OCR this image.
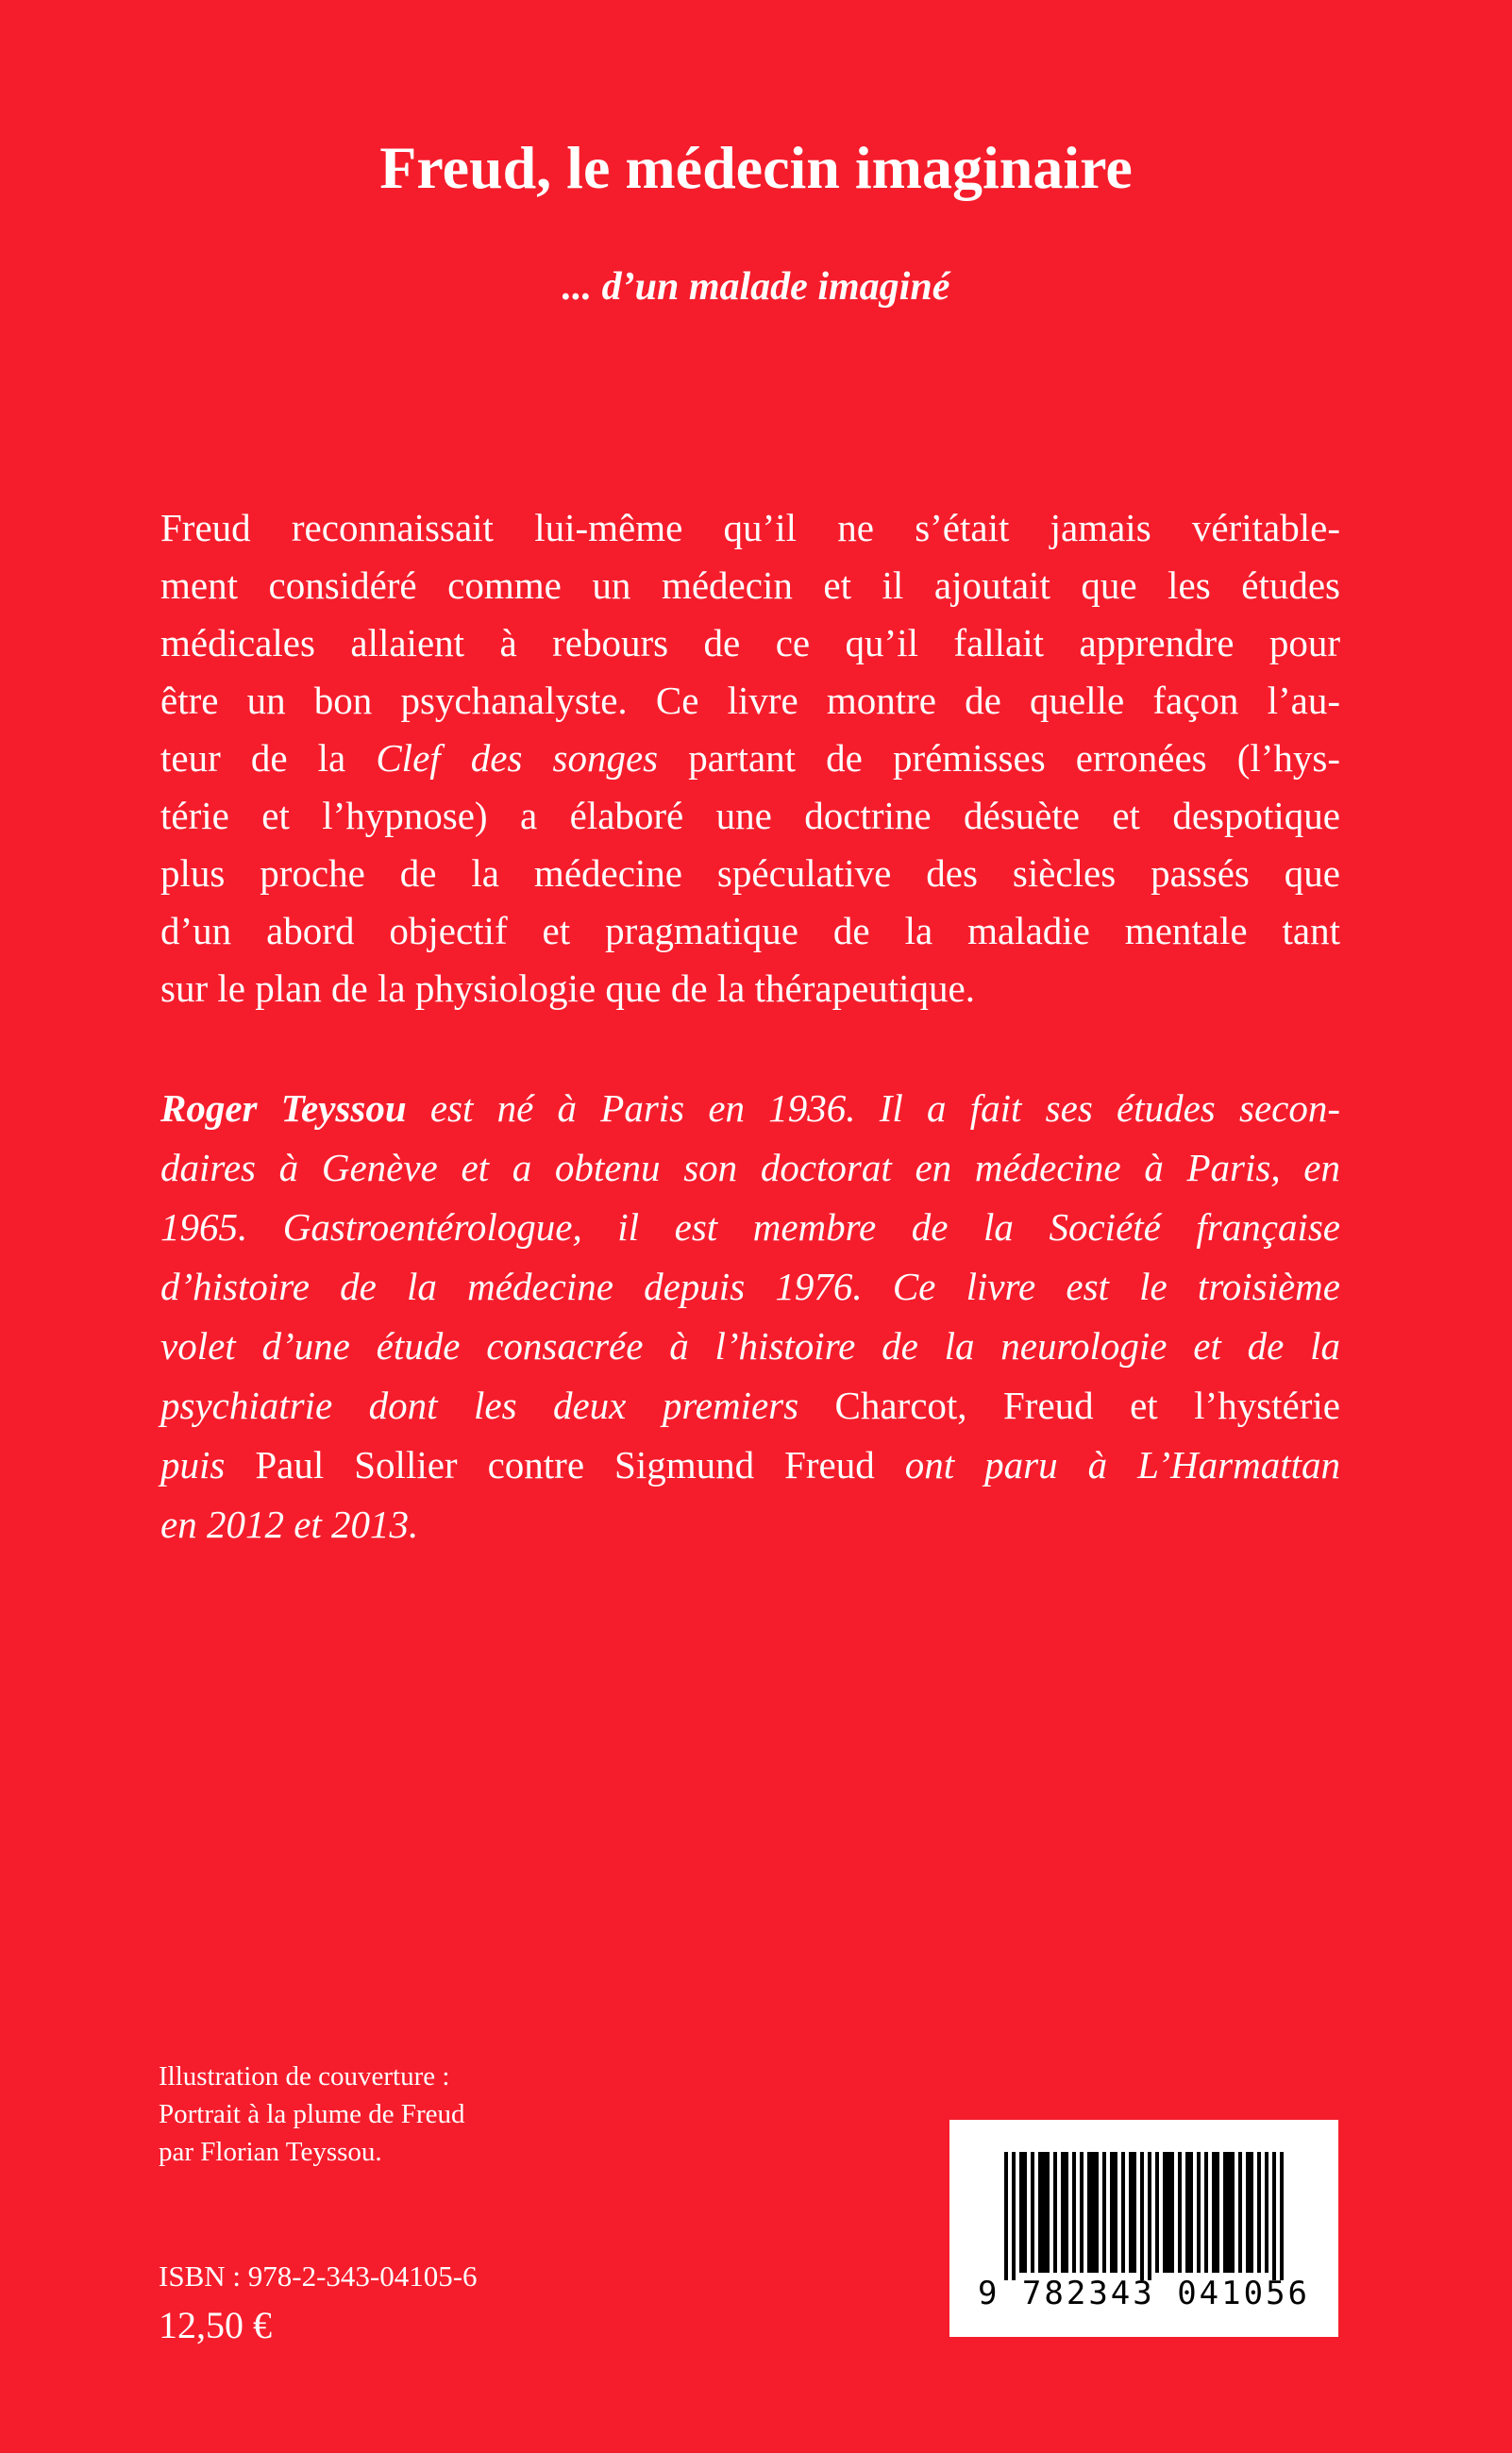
Freud, le médecin imaginaire
... d’un malade imaginé
Freud reconnaissait lui-même qu’il ne s’était jamais véritable-
ment considéré comme un médecin et il ajoutait que les études
médicales allaient à rebours de ce qu’il fallait apprendre pour
être un bon psychanalyste. Ce livre montre de quelle façon l’au-
teur de la Clef des songes partant de prémisses erronées (l’hys-
térie et l’hypnose) a élaboré une doctrine désuète et despotique
plus proche de la médecine spéculative des siècles passés que
d’un abord objectif et pragmatique de la maladie mentale tant
sur le plan de la physiologie que de la thérapeutique.
Roger Teyssou est né à Paris en 1936. Il a fait ses études secon-
daires à Genève et a obtenu son doctorat en médecine à Paris, en
1965. Gastroentérologue, il est membre de la Société française
d’histoire de la médecine depuis 1976. Ce livre est le troisième
volet d’une étude consacrée à l’histoire de la neurologie et de la
psychiatrie dont les deux premiers Charcot, Freud et l’hystérie
puis Paul Sollier contre Sigmund Freud ont paru à L’Harmattan
en 2012 et 2013.
Illustration de couverture :
Portrait à la plume de Freud
par Florian Teyssou.
ISBN : 978-2-343-04105-6
12,50 €
9 782343 041056
